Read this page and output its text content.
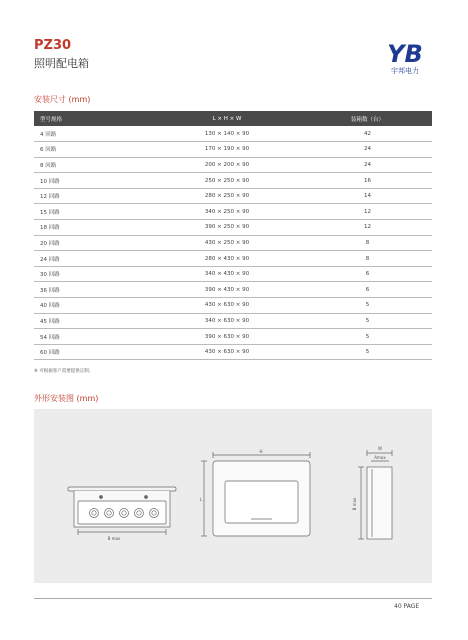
PZ30
照明配电箱	YB
宇邦电力
安装尺寸 (mm)
型号规格	L × H × W	装箱数（台）
4 回路	130 × 140 × 90	42
6 回路	170 × 190 × 90	24
8 回路	200 × 200 × 90	24
10 回路	250 × 250 × 90	16
12 回路	280 × 250 × 90	14
15 回路	340 × 250 × 90	12
18 回路	390 × 250 × 90	12
20 回路	430 × 250 × 90	8
24 回路	280 × 430 × 90	8
30 回路	340 × 430 × 90	6
36 回路	390 × 430 × 90	6
40 回路	430 × 630 × 90	5
45 回路	340 × 630 × 90	5
54 回路	390 × 630 × 90	5
60 回路	430 × 630 × 90	5
※ 可根据客户需要提供定制。
外形安装图 (mm)
B max
H
L
W
Amax
B max
40 PAGE
